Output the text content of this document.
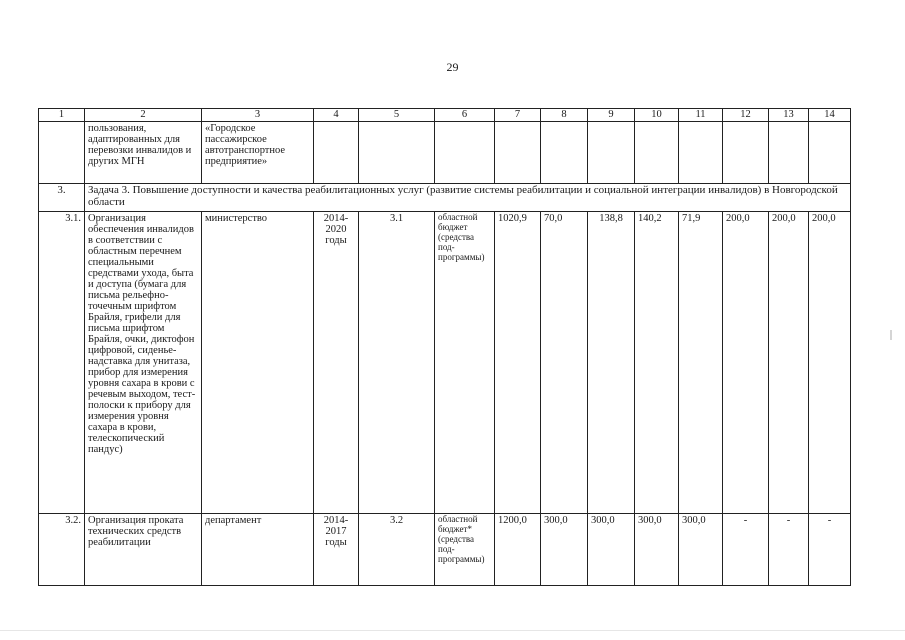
29
1	2	3	4	5	6	7	8	9	10	11	12	13	14
	пользования, адаптированных для перевозки инвалидов и других МГН	«Городское пассажирское автотранспортное предприятие»											
3.	Задача 3. Повышение доступности и качества реабилитационных услуг (развитие системы реабилитации и социальной интеграции инвалидов) в Новгородской области												
3.1.	Организация обеспечения инвалидов в соответствии с областным перечнем специальными средствами ухода, быта и доступа (бумага для письма рельефно-точечным шрифтом Брайля, грифели для письма шрифтом Брайля, очки, диктофон цифровой, сиденье-надставка для унитаза, прибор для измерения уровня сахара в крови с речевым выходом, тест-полоски к прибору для измерения уровня сахара в крови, телескопический пандус)	министерство	2014-2020 годы	3.1	областной бюджет (средства под-программы)	1020,9	70,0	138,8	140,2	71,9	200,0	200,0	200,0
3.2.	Организация проката технических средств реабилитации	департамент	2014-2017 годы	3.2	областной бюджет* (средства под-программы)	1200,0	300,0	300,0	300,0	300,0	-	-	-
